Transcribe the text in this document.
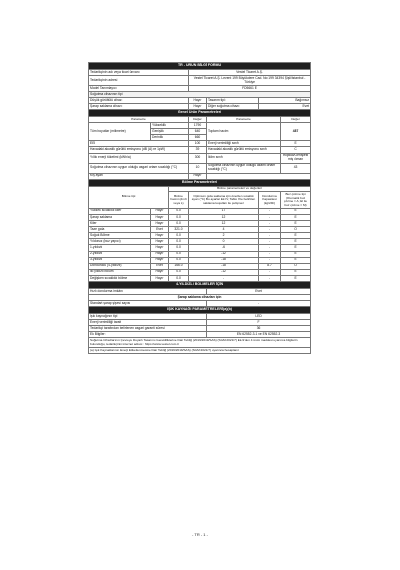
TR - ÜRÜN BİLGİ FORMU						
Tedarikçinin adı veya ticari ünvanı			Vestel Ticaret A.Ş.			
Tedarikçinin adresi			Vestel Ticaret A.Ş. Levent 199 Büyükdere Cad. No:199 34394 Şişli/İstanbul - Türkiye			
Model Tanımlayıcı			FD5661 E			
Soğutma cihazının tipi						
Düşük gürültülü cihaz:			Hayır	Tasarım tipi:	Bağımsız	
Şarap saklama cihazı:			Hayır	Diğer soğutma cihazı:	Evet	
Genel Ürün Parametreleri						
Parametre			Değer	Parametre		Değer
Tüm boyutlar (milimetre)	Yükseklik		1790	Toplam hacim		487
	Genişlik		640			
	Derinlik		660			
EEI			100	Enerji verimliliği sınıfı		E
Havadaki akustik gürültü emisyonu (dB (A) re 1pW)			39	Havadaki akustik gürültü emisyonu sınıfı		C
Yıllık enerji tüketimi (kWh/a)			300	İklim sınıfı		tropikal/Genişletil miş ılıman
Soğutma cihazının uygun olduğu asgari ortam sıcaklığı (°C)			10	Soğutma cihazının uygun olduğu azami ortam sıcaklığı (°C)		43
Kış ayarı			Hayır			
Bölme Parametreleri						
Bölme tipi		Bölme parametreleri ve değerleri				
		Bölme hacmi (dm3 veya L)	Optimum gıda saklama için önerilen sıcaklık ayarı (°C) Bu ayarlar Ek IV, Tablo 3'te belirtilen saklama koşulları ile çelişmez		Dondurma Kapasitesi (kg/24h)	Buz çözme tipi (Otomatik buz çözme = A; El ile buz çözme = M)
Yüksek sıcaklıklı kiler	Hayır	0.0	17		-	E
Şarap saklama	Hayır	0.0	12		-	E
Kiler	Hayır	0.0	12		-	E
Taze gıda	Evet	321.0	4		-	O
Soğuk Bölme	Hayır	0.0	2		-	E
Yıldızsız (buz yapıcı)	Hayır	0.0	0		-	E
1-yıldızlı	Hayır	0.0	-6		-	E
2-yıldızlı	Hayır	0.0	-12		-	E
3-yıldızlı	Hayır	0.0	-18		-	E
Dondurucu (4-yıldızlı)	Evet	166.0	-18		8.7	O
İki yıldızlı bölüm	Hayır	0.0	-12		-	E
Değişken sıcaklıklı bölme	Hayır	0.0	-		-	E
4-YILDIZLI BÖLMELER İÇİN						
Hızlı dondurma imkânı				Evet		
Şarap saklama cihazları için						
Standart şarap şişesi sayısı				-		
IŞIK KAYNAĞI PARAMETRELERİ(a)(b)						
Işık kaynağının tipi				LED		
Enerji verimliliği tarafı				F		
Tedarikçi tarafından belirlenen asgari garanti süresi				36		
Ek Bilgiler:				EN 62552-3-1 ve EN 62552-3		
Soğutma Cihazlarının Çevreye Duyarlı Tasarımı Gerekliliklerine Dair Tebliğ (2019/2019/SAS) (SGM:2021/7) Ek-9'den 4 üncü maddesi uyarınca bilgilerin bulunduğu, tedarikçinin internet adresi : https://www.vestel.com.tr						
(a) Işık Kaynaklarının Enerji Etiketlenmesine Dair Tebliğ (2019/2019/SAS) (SGM:2021/7) uyarınca hesaplanır						
- TR - 1 -
